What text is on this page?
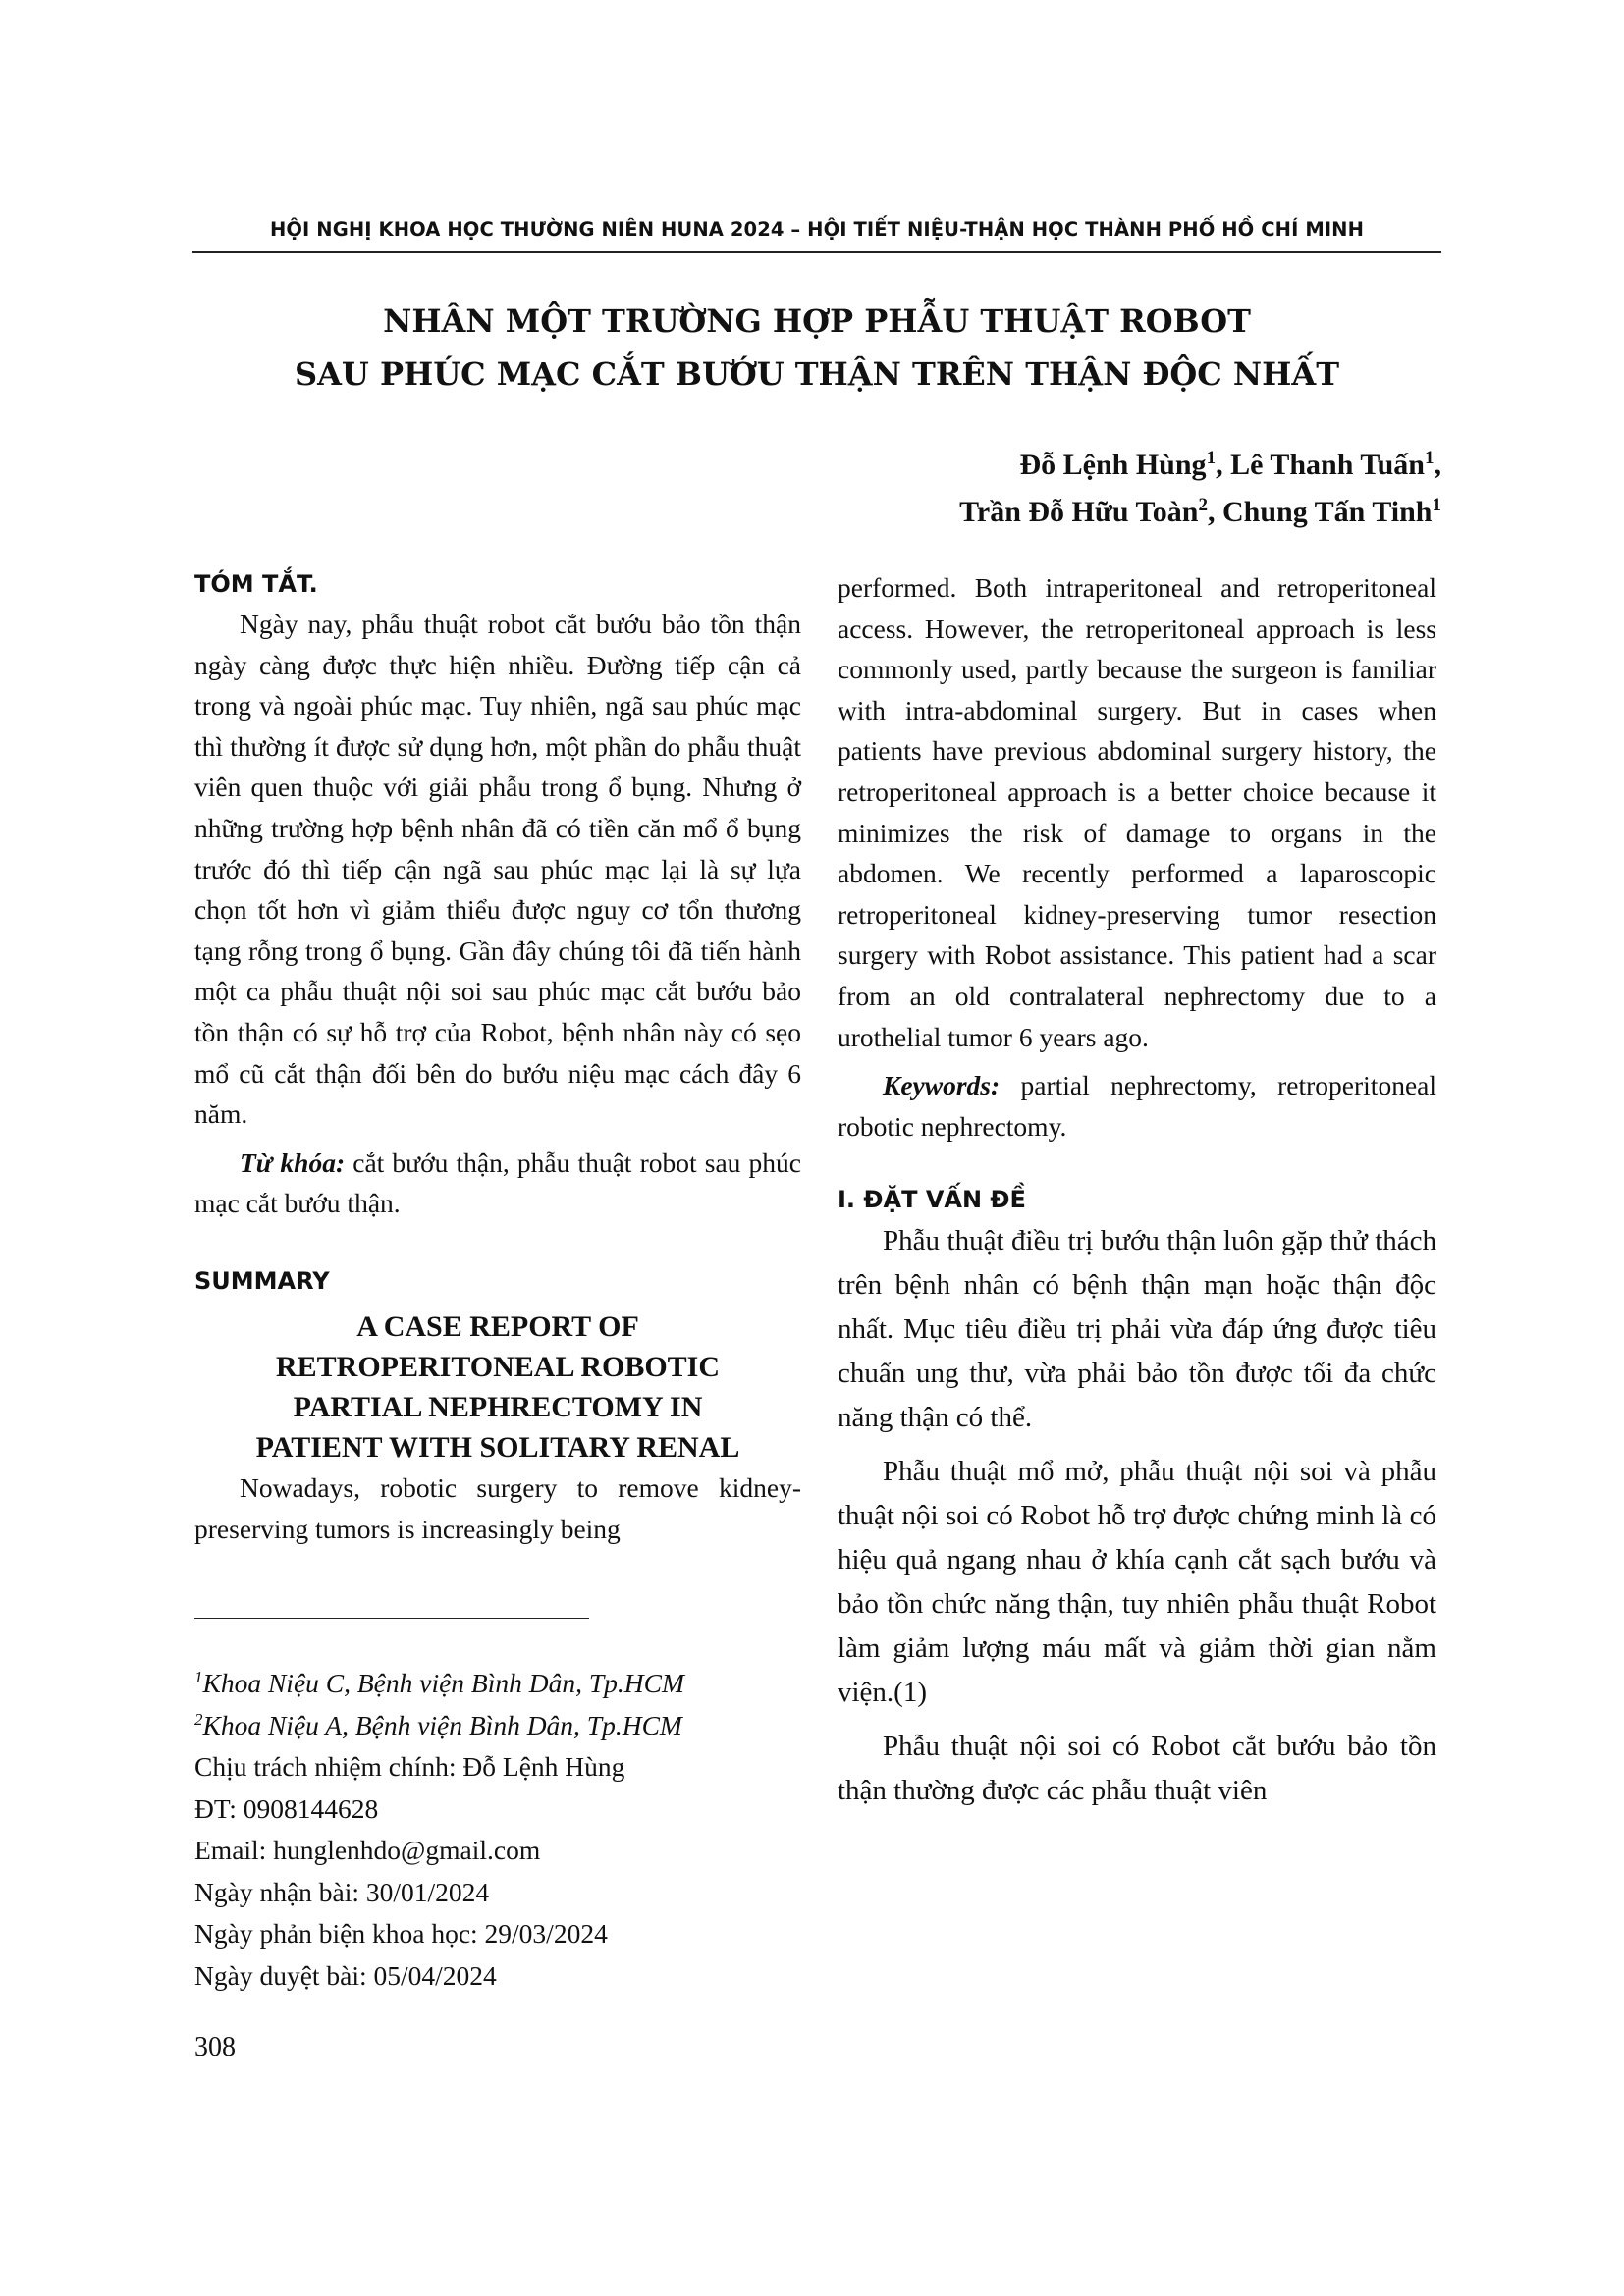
HỘI NGHỊ KHOA HỌC THƯỜNG NIÊN HUNA 2024 – HỘI TIẾT NIỆU-THẬN HỌC THÀNH PHỐ HỒ CHÍ MINH
NHÂN MỘT TRƯỜNG HỢP PHẪU THUẬT ROBOT
SAU PHÚC MẠC CẮT BƯỚU THẬN TRÊN THẬN ĐỘC NHẤT
Đỗ Lệnh Hùng$^1$, Lê Thanh Tuấn$^1$,
Trần Đỗ Hữu Toàn$^2$, Chung Tấn Tinh$^1$
TÓM TẮT.

Ngày nay, phẫu thuật robot cắt bướu bảo tồn thận ngày càng được thực hiện nhiều. Đường tiếp cận cả trong và ngoài phúc mạc. Tuy nhiên, ngã sau phúc mạc thì thường ít được sử dụng hơn, một phần do phẫu thuật viên quen thuộc với giải phẫu trong ổ bụng. Nhưng ở những trường hợp bệnh nhân đã có tiền căn mổ ổ bụng trước đó thì tiếp cận ngã sau phúc mạc lại là sự lựa chọn tốt hơn vì giảm thiểu được nguy cơ tổn thương tạng rỗng trong ổ bụng. Gần đây chúng tôi đã tiến hành một ca phẫu thuật nội soi sau phúc mạc cắt bướu bảo tồn thận có sự hỗ trợ của Robot, bệnh nhân này có sẹo mổ cũ cắt thận đối bên do bướu niệu mạc cách đây 6 năm.

Từ khóa: cắt bướu thận, phẫu thuật robot sau phúc mạc cắt bướu thận.

SUMMARY
A CASE REPORT OF
RETROPERITONEAL ROBOTIC
PARTIAL NEPHRECTOMY IN
PATIENT WITH SOLITARY RENAL

Nowadays, robotic surgery to remove kidney-preserving tumors is increasingly being

$^1$Khoa Niệu C, Bệnh viện Bình Dân, Tp.HCM
$^2$Khoa Niệu A, Bệnh viện Bình Dân, Tp.HCM
Chịu trách nhiệm chính: Đỗ Lệnh Hùng
ĐT: 0908144628
Email: hunglenhdo@gmail.com
Ngày nhận bài: 30/01/2024
Ngày phản biện khoa học: 29/03/2024
Ngày duyệt bài: 05/04/2024

performed. Both intraperitoneal and retroperitoneal access. However, the retroperitoneal approach is less commonly used, partly because the surgeon is familiar with intra-abdominal surgery. But in cases when patients have previous abdominal surgery history, the retroperitoneal approach is a better choice because it minimizes the risk of damage to organs in the abdomen. We recently performed a laparoscopic retroperitoneal kidney-preserving tumor resection surgery with Robot assistance. This patient had a scar from an old contralateral nephrectomy due to a urothelial tumor 6 years ago.

Keywords: partial nephrectomy, retroperitoneal robotic nephrectomy.

I. ĐẶT VẤN ĐỀ

Phẫu thuật điều trị bướu thận luôn gặp thử thách trên bệnh nhân có bệnh thận mạn hoặc thận độc nhất. Mục tiêu điều trị phải vừa đáp ứng được tiêu chuẩn ung thư, vừa phải bảo tồn được tối đa chức năng thận có thể.

Phẫu thuật mổ mở, phẫu thuật nội soi và phẫu thuật nội soi có Robot hỗ trợ được chứng minh là có hiệu quả ngang nhau ở khía cạnh cắt sạch bướu và bảo tồn chức năng thận, tuy nhiên phẫu thuật Robot làm giảm lượng máu mất và giảm thời gian nằm viện.(1)

Phẫu thuật nội soi có Robot cắt bướu bảo tồn thận thường được các phẫu thuật viên

308
